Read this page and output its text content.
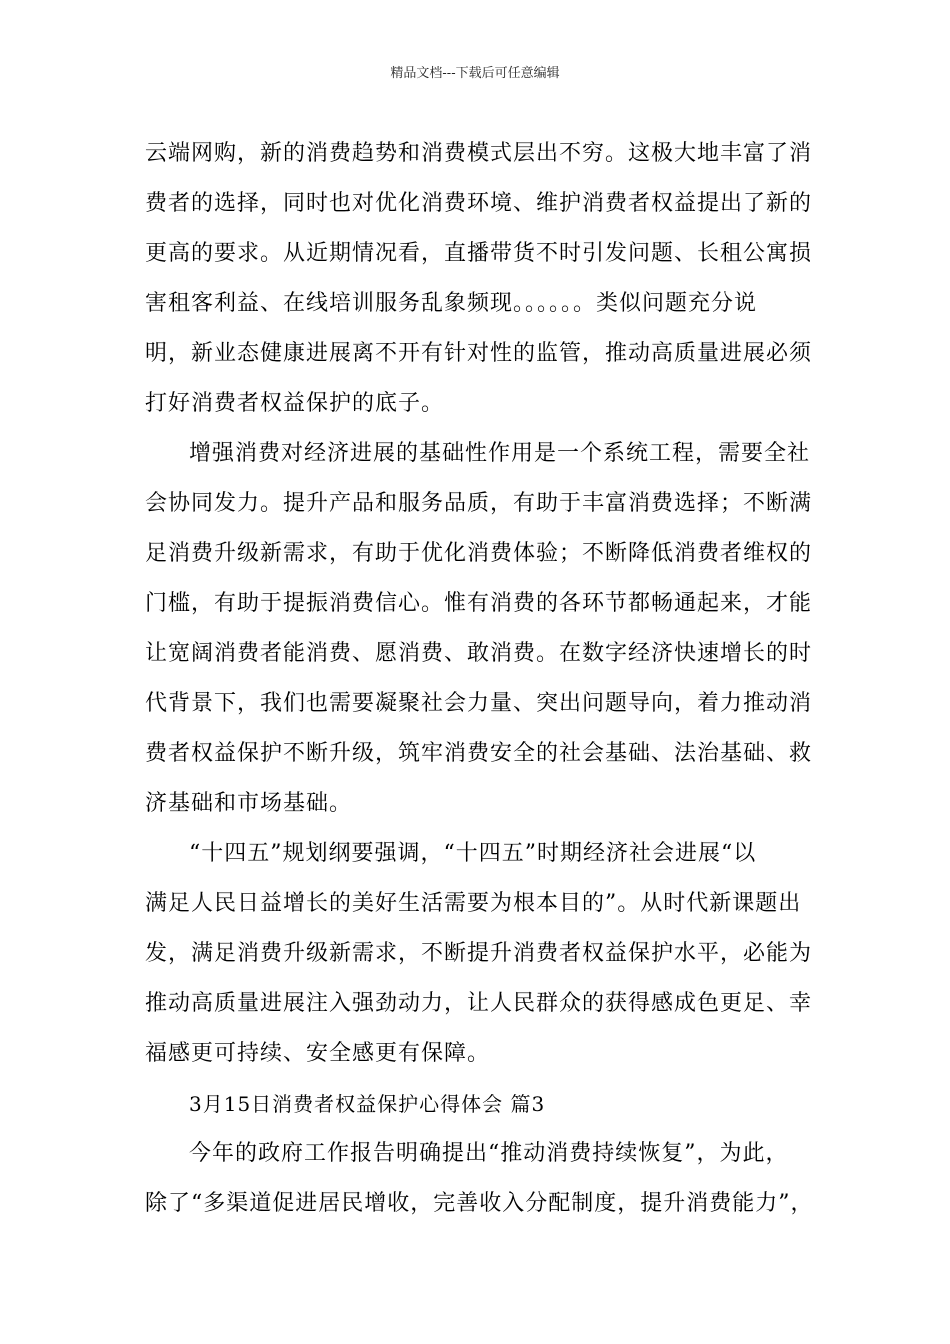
精品文档---下载后可任意编辑
云端网购，新的消费趋势和消费模式层出不穷。这极大地丰富了消
费者的选择，同时也对优化消费环境、维护消费者权益提出了新的
更高的要求。从近期情况看，直播带货不时引发问题、长租公寓损
害租客利益、在线培训服务乱象频现。。。。。。类似问题充分说
明，新业态健康进展离不开有针对性的监管，推动高质量进展必须
打好消费者权益保护的底子。
增强消费对经济进展的基础性作用是一个系统工程，需要全社
会协同发力。提升产品和服务品质，有助于丰富消费选择；不断满
足消费升级新需求，有助于优化消费体验；不断降低消费者维权的
门槛，有助于提振消费信心。惟有消费的各环节都畅通起来，才能
让宽阔消费者能消费、愿消费、敢消费。在数字经济快速增长的时
代背景下，我们也需要凝聚社会力量、突出问题导向，着力推动消
费者权益保护不断升级，筑牢消费安全的社会基础、法治基础、救
济基础和市场基础。
“十四五”规划纲要强调，“十四五”时期经济社会进展“以
满足人民日益增长的美好生活需要为根本目的”。从时代新课题出
发，满足消费升级新需求，不断提升消费者权益保护水平，必能为
推动高质量进展注入强劲动力，让人民群众的获得感成色更足、幸
福感更可持续、安全感更有保障。
3月15日消费者权益保护心得体会 篇3
今年的政府工作报告明确提出“推动消费持续恢复”，为此，
除了“多渠道促进居民增收，完善收入分配制度，提升消费能力”，
